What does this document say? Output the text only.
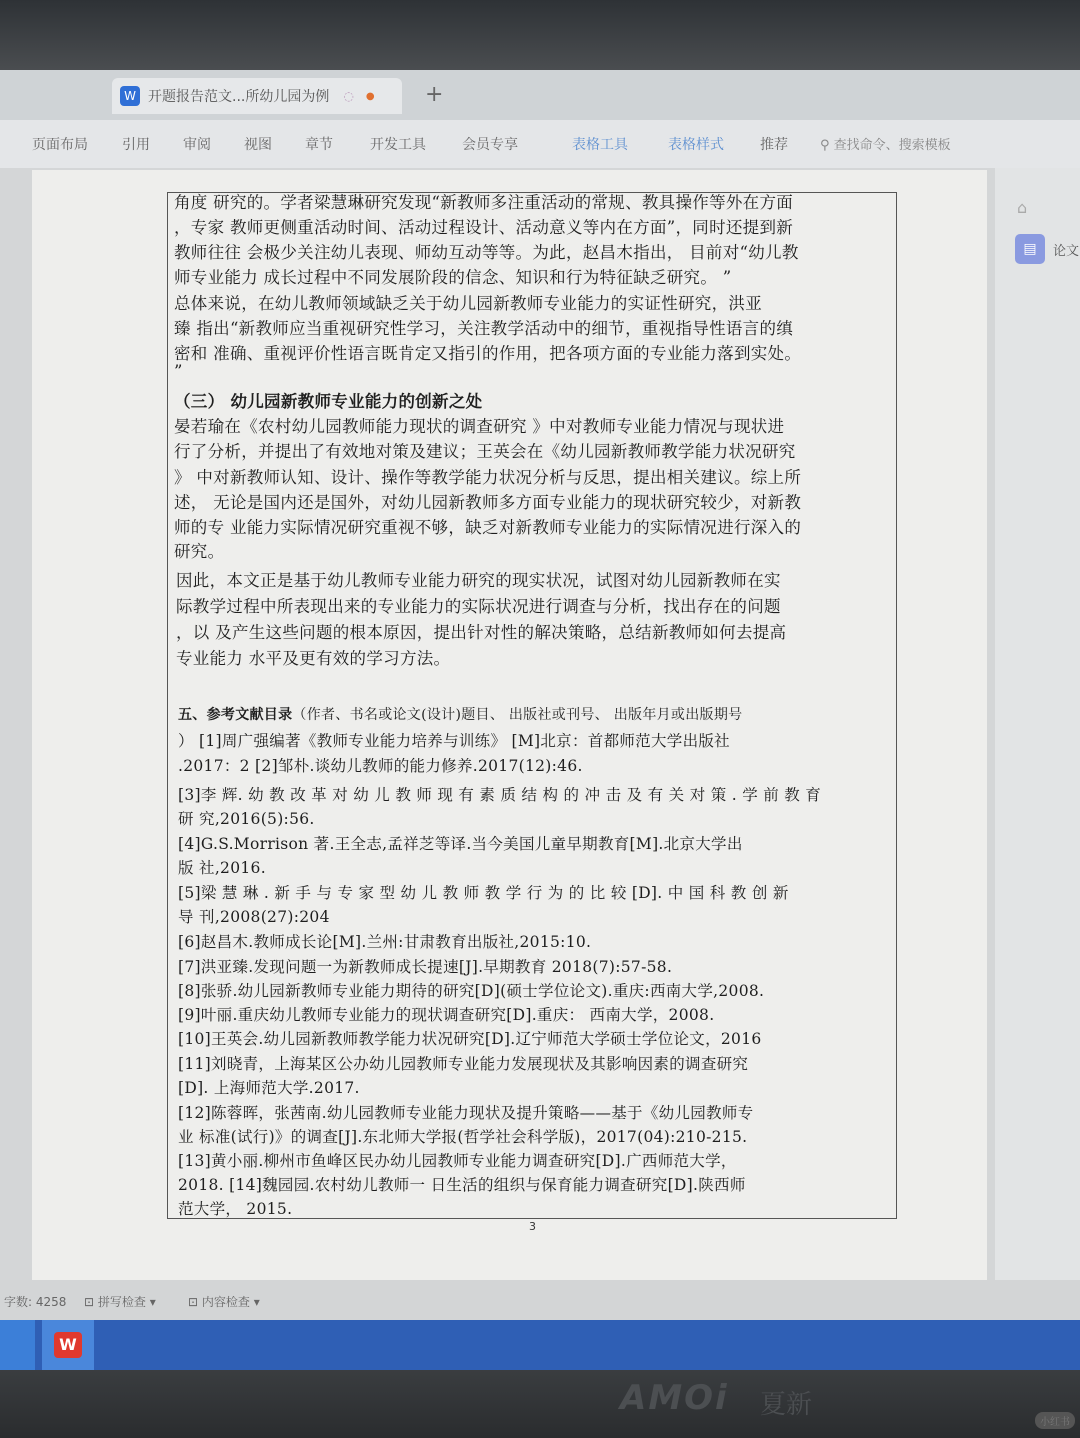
W 开题报告范文...所幼儿园为例 ◌ ● +
页面布局 引用 审阅 视图 章节	开发工具	会员专享	表格工具	表格样式	推荐 ⚲ 查找命令、搜索模板
角度 研究的。学者梁慧琳研究发现“新教师多注重活动的常规、教具操作等外在方面
，专家 教师更侧重活动时间、活动过程设计、活动意义等内在方面”，同时还提到新
教师往往 会极少关注幼儿表现、师幼互动等等。为此，赵昌木指出， 目前对“幼儿教
师专业能力 成长过程中不同发展阶段的信念、知识和行为特征缺乏研究。 ”
总体来说，在幼儿教师领域缺乏关于幼儿园新教师专业能力的实证性研究，洪亚
臻 指出“新教师应当重视研究性学习，关注教学活动中的细节，重视指导性语言的缜
密和 准确、重视评价性语言既肯定又指引的作用，把各项方面的专业能力落到实处。
”
（三） 幼儿园新教师专业能力的创新之处
晏若瑜在《农村幼儿园教师能力现状的调查研究 》中对教师专业能力情况与现状进
行了分析，并提出了有效地对策及建议；王英会在《幼儿园新教师教学能力状况研究
》 中对新教师认知、设计、操作等教学能力状况分析与反思，提出相关建议。综上所
述， 无论是国内还是国外，对幼儿园新教师多方面专业能力的现状研究较少，对新教
师的专 业能力实际情况研究重视不够，缺乏对新教师专业能力的实际情况进行深入的
研究。
因此，本文正是基于幼儿教师专业能力研究的现实状况，试图对幼儿园新教师在实
际教学过程中所表现出来的专业能力的实际状况进行调查与分析，找出存在的问题
，以 及产生这些问题的根本原因，提出针对性的解决策略，总结新教师如何去提高
专业能力 水平及更有效的学习方法。
五、参考文献目录（作者、书名或论文(设计)题目、 出版社或刊号、 出版年月或出版期号
） [1]周广强编著《教师专业能力培养与训练》 [M]北京：首都师范大学出版社
.2017：2 [2]邹朴.谈幼儿教师的能力修养.2017(12):46.
[3]李 辉. 幼 教 改 革 对 幼 儿 教 师 现 有 素 质 结 构 的 冲 击 及 有 关 对 策 . 学 前 教 育
研 究,2016(5):56.
[4]G.S.Morrison 著.王全志,孟祥芝等译.当今美国儿童早期教育[M].北京大学出
版 社,2016.
[5]梁 慧 琳 . 新 手 与 专 家 型 幼 儿 教 师 教 学 行 为 的 比 较 [D]. 中 国 科 教 创 新
导 刊,2008(27):204
[6]赵昌木.教师成长论[M].兰州:甘肃教育出版社,2015:10.
[7]洪亚臻.发现问题一为新教师成长提速[J].早期教育 2018(7):57-58.
[8]张骄.幼儿园新教师专业能力期待的研究[D](硕士学位论文).重庆:西南大学,2008.
[9]叶丽.重庆幼儿教师专业能力的现状调查研究[D].重庆： 西南大学，2008.
[10]王英会.幼儿园新教师教学能力状况研究[D].辽宁师范大学硕士学位论文，2016
[11]刘晓青，上海某区公办幼儿园教师专业能力发展现状及其影响因素的调查研究
[D]. 上海师范大学.2017.
[12]陈蓉晖，张茜南.幼儿园教师专业能力现状及提升策略——基于《幼儿园教师专
业 标准(试行)》的调查[J].东北师大学报(哲学社会科学版)，2017(04):210-215.
[13]黄小丽.柳州市鱼峰区民办幼儿园教师专业能力调查研究[D].广西师范大学，
2018. [14]魏园园.农村幼儿教师一 日生活的组织与保育能力调查研究[D].陕西师
范大学， 2015.
3
⌂
▤	论文
字数: 4258 ⊡ 拼写检查 ▾	⊡ 内容检查 ▾
W
AMOi 夏新
小红书
